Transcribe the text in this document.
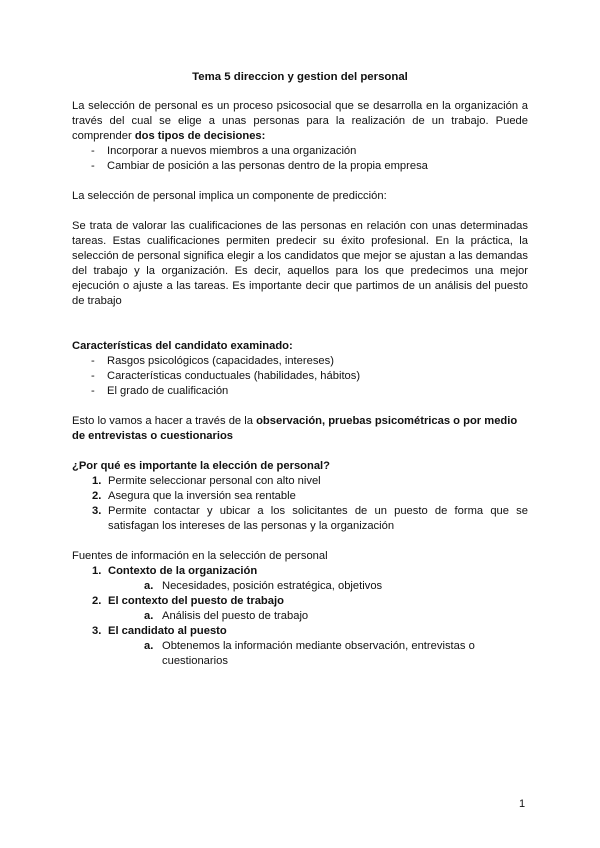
Tema 5 direccion y gestion del personal

La selección de personal es un proceso psicosocial que se desarrolla en la organización a través del cual se elige a unas personas para la realización de un trabajo. Puede comprender dos tipos de decisiones:

- Incorporar a nuevos miembros a una organización
- Cambiar de posición a las personas dentro de la propia empresa

La selección de personal implica un componente de predicción:

Se trata de valorar las cualificaciones de las personas en relación con unas determinadas tareas. Estas cualificaciones permiten predecir su éxito profesional. En la práctica, la selección de personal significa elegir a los candidatos que mejor se ajustan a las demandas del trabajo y la organización. Es decir, aquellos para los que predecimos una mejor ejecución o ajuste a las tareas. Es importante decir que partimos de un análisis del puesto de trabajo

Características del candidato examinado:

- Rasgos psicológicos (capacidades, intereses)
- Características conductuales (habilidades, hábitos)
- El grado de cualificación

Esto lo vamos a hacer a través de la observación, pruebas psicométricas o por medio de entrevistas o cuestionarios

¿Por qué es importante la elección de personal?

1. Permite seleccionar personal con alto nivel
2. Asegura que la inversión sea rentable
3. Permite contactar y ubicar a los solicitantes de un puesto de forma que se satisfagan los intereses de las personas y la organización

Fuentes de información en la selección de personal

1. Contexto de la organización
a. Necesidades, posición estratégica, objetivos
2. El contexto del puesto de trabajo
a. Análisis del puesto de trabajo
3. El candidato al puesto
a. Obtenemos la información mediante observación, entrevistas o cuestionarios
1
